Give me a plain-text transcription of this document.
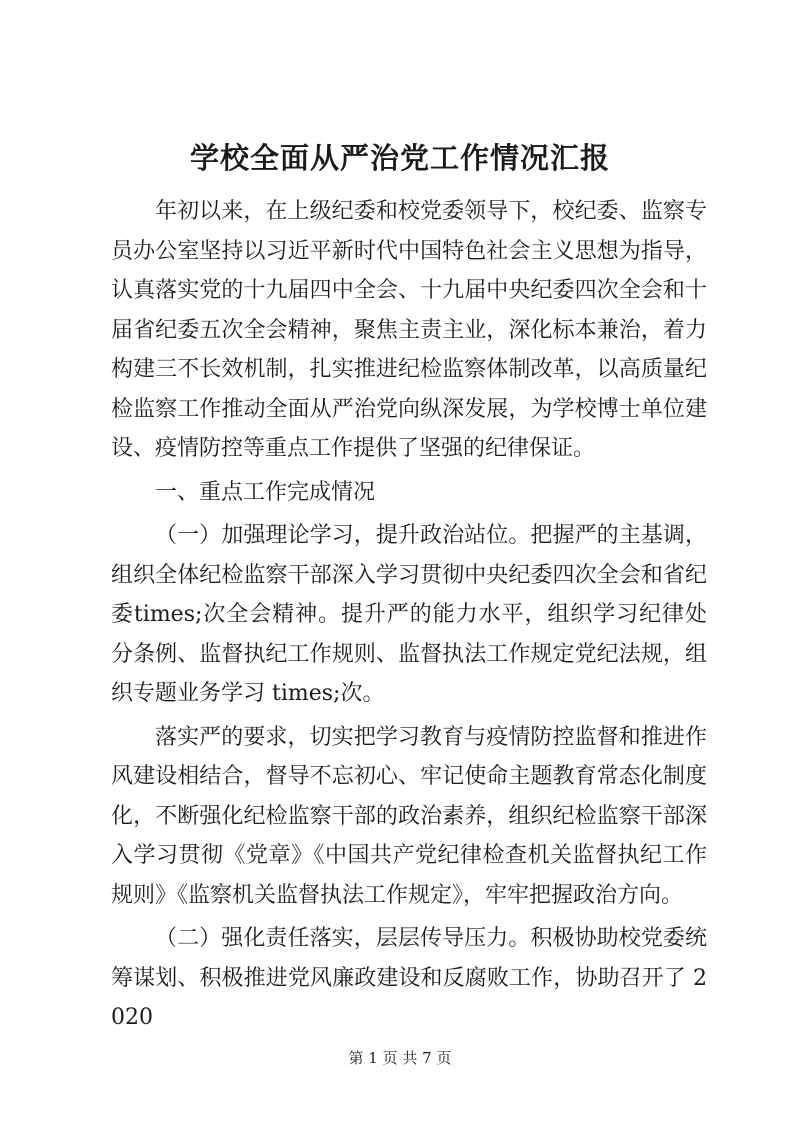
学校全面从严治党工作情况汇报

年初以来，在上级纪委和校党委领导下，校纪委、监察专员办公室坚持以习近平新时代中国特色社会主义思想为指导，认真落实党的十九届四中全会、十九届中央纪委四次全会和十届省纪委五次全会精神，聚焦主责主业，深化标本兼治，着力构建三不长效机制，扎实推进纪检监察体制改革，以高质量纪检监察工作推动全面从严治党向纵深发展，为学校博士单位建设、疫情防控等重点工作提供了坚强的纪律保证。

一、重点工作完成情况

（一）加强理论学习，提升政治站位。把握严的主基调，组织全体纪检监察干部深入学习贯彻中央纪委四次全会和省纪委times;次全会精神。提升严的能力水平，组织学习纪律处分条例、监督执纪工作规则、监督执法工作规定党纪法规，组织专题业务学习 times;次。

落实严的要求，切实把学习教育与疫情防控监督和推进作风建设相结合，督导不忘初心、牢记使命主题教育常态化制度化，不断强化纪检监察干部的政治素养，组织纪检监察干部深入学习贯彻《党章》《中国共产党纪律检查机关监督执纪工作规则》《监察机关监督执法工作规定》，牢牢把握政治方向。

（二）强化责任落实，层层传导压力。积极协助校党委统筹谋划、积极推进党风廉政建设和反腐败工作，协助召开了 2020

第 1 页 共 7 页
